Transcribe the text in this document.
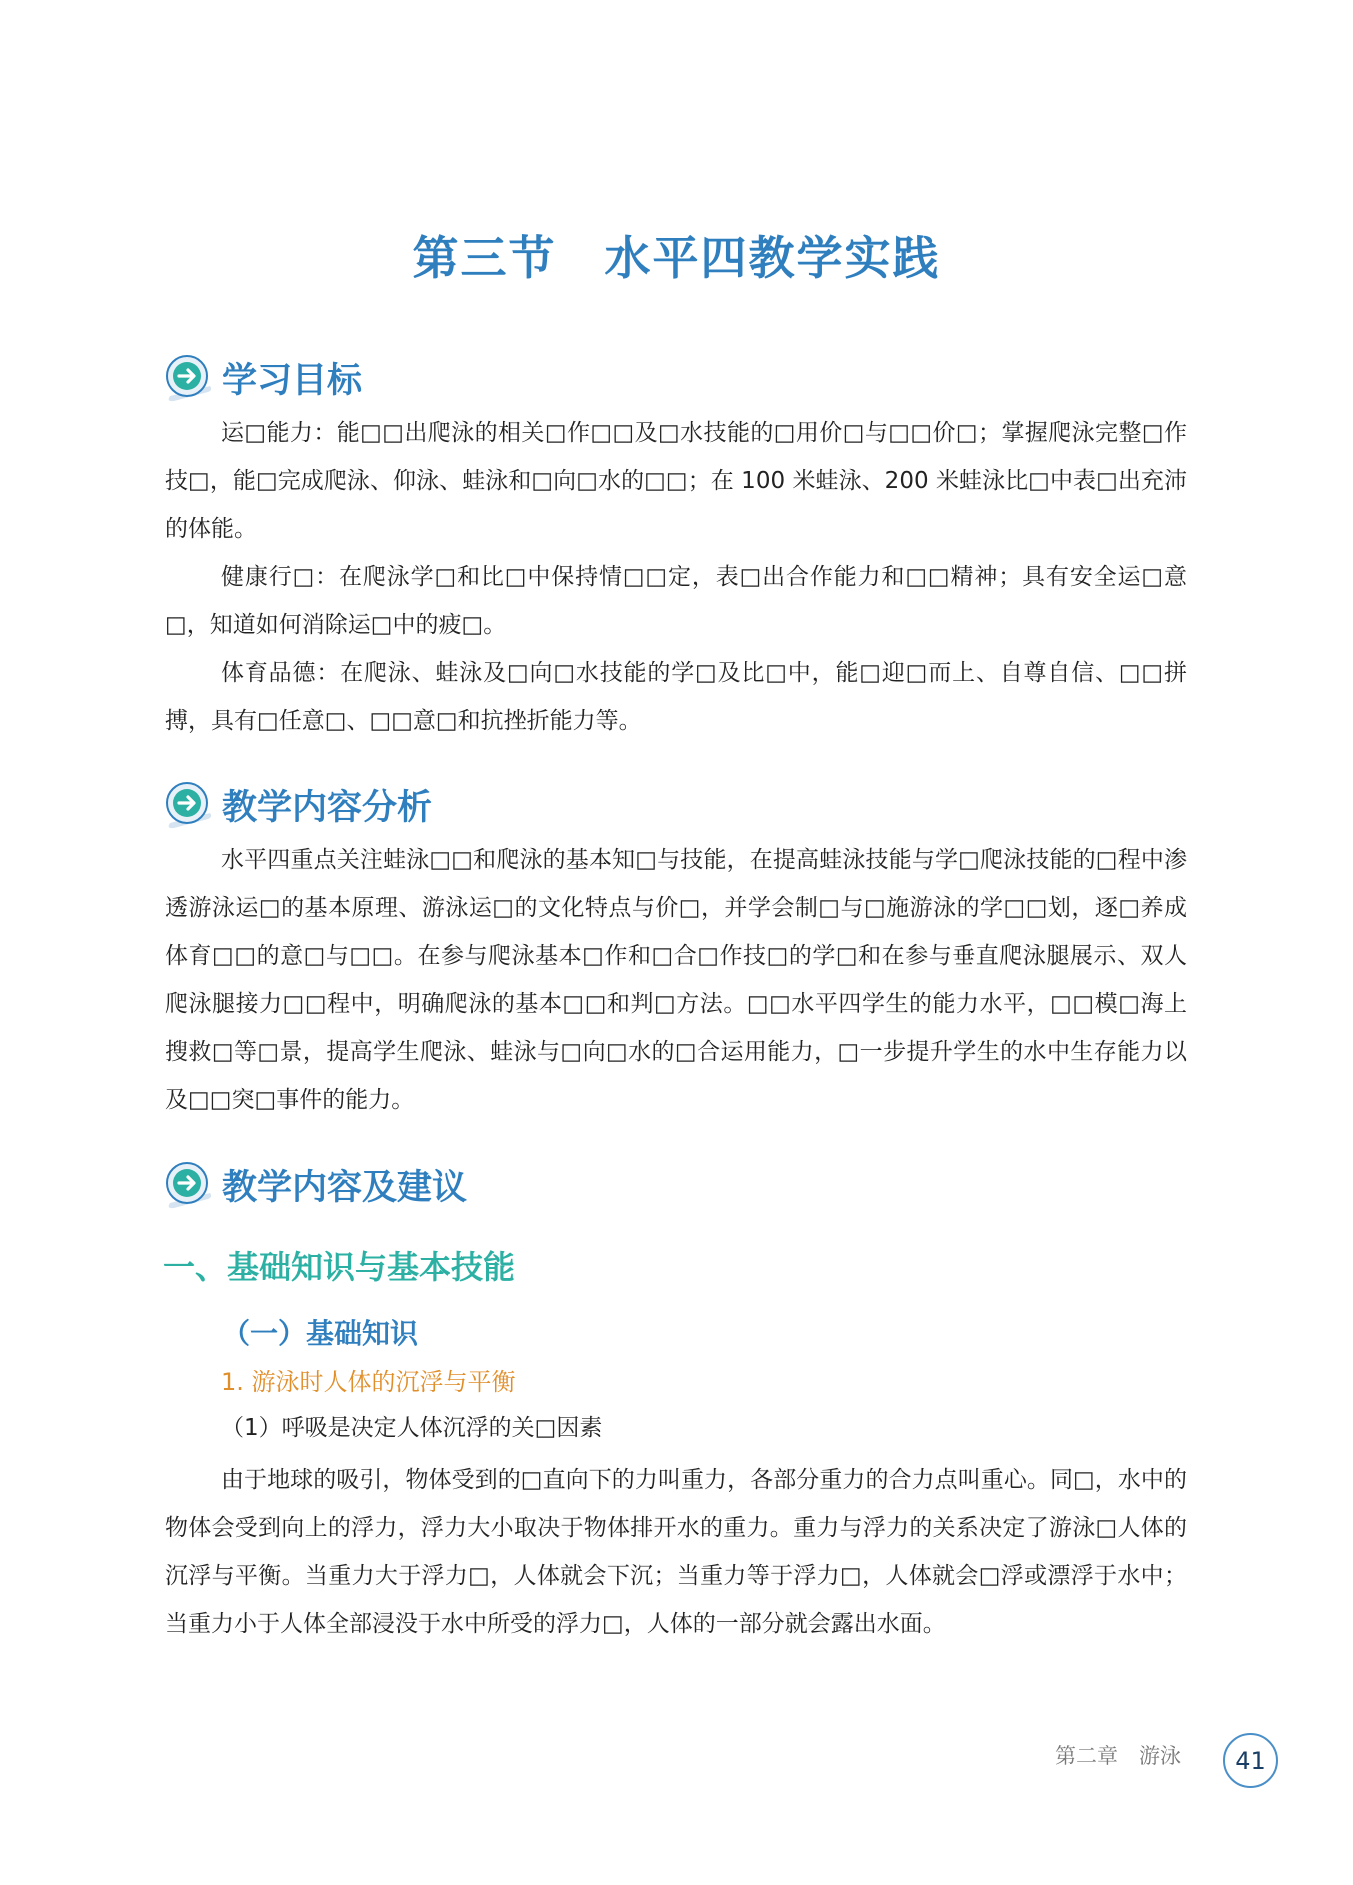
第三节　水平四教学实践
学习目标

运□能力：能□□出爬泳的相关□作□□及□水技能的□用价□与□□价□；掌握爬泳完整□作技□，能□完成爬泳、仰泳、蛙泳和□向□水的□□；在 100 米蛙泳、200 米蛙泳比□中表□出充沛的体能。

健康行□：在爬泳学□和比□中保持情□□定，表□出合作能力和□□精神；具有安全运□意□，知道如何消除运□中的疲□。

体育品德：在爬泳、蛙泳及□向□水技能的学□及比□中，能□迎□而上、自尊自信、□□拼搏，具有□任意□、□□意□和抗挫折能力等。

教学内容分析

水平四重点关注蛙泳□□和爬泳的基本知□与技能，在提高蛙泳技能与学□爬泳技能的□程中渗透游泳运□的基本原理、游泳运□的文化特点与价□，并学会制□与□施游泳的学□□划，逐□养成体育□□的意□与□□。在参与爬泳基本□作和□合□作技□的学□和在参与垂直爬泳腿展示、双人爬泳腿接力□□程中，明确爬泳的基本□□和判□方法。□□水平四学生的能力水平，□□模□海上搜救□等□景，提高学生爬泳、蛙泳与□向□水的□合运用能力，□一步提升学生的水中生存能力以及□□突□事件的能力。

教学内容及建议
一、基础知识与基本技能
（一）基础知识
1. 游泳时人体的沉浮与平衡
（1）呼吸是决定人体沉浮的关□因素

由于地球的吸引，物体受到的□直向下的力叫重力，各部分重力的合力点叫重心。同□，水中的物体会受到向上的浮力，浮力大小取决于物体排开水的重力。重力与浮力的关系决定了游泳□人体的沉浮与平衡。当重力大于浮力□，人体就会下沉；当重力等于浮力□，人体就会□浮或漂浮于水中；当重力小于人体全部浸没于水中所受的浮力□，人体的一部分就会露出水面。

第二章　游泳	41
